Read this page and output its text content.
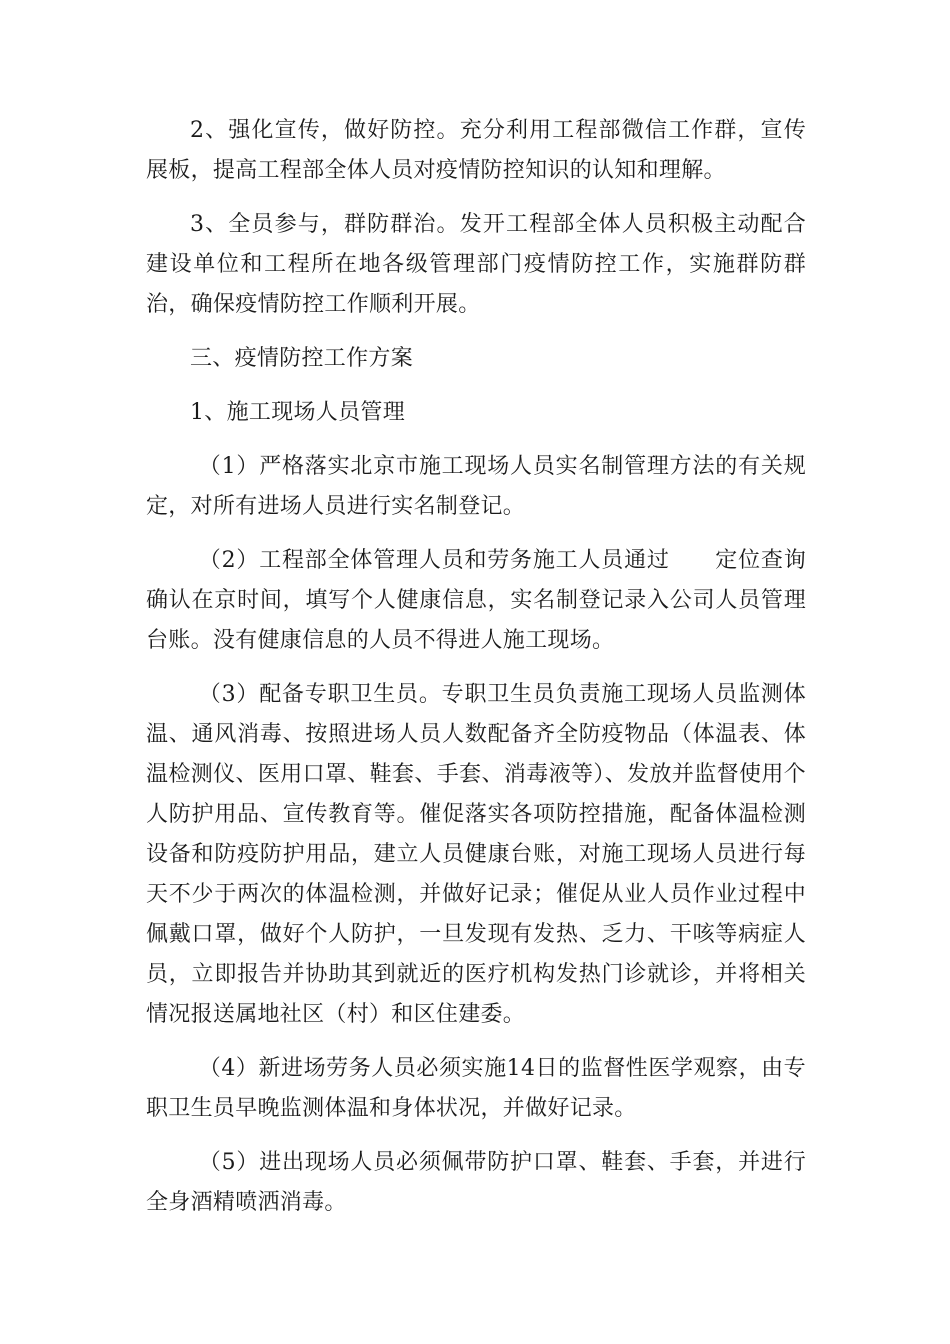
2、强化宣传，做好防控。充分利用工程部微信工作群，宣传展板，提高工程部全体人员对疫情防控知识的认知和理解。

3、全员参与，群防群治。发开工程部全体人员积极主动配合建设单位和工程所在地各级管理部门疫情防控工作，实施群防群治，确保疫情防控工作顺利开展。

三、疫情防控工作方案

1、施工现场人员管理

（1）严格落实北京市施工现场人员实名制管理方法的有关规定，对所有进场人员进行实名制登记。

（2）工程部全体管理人员和劳务施工人员通过　　定位查询确认在京时间，填写个人健康信息，实名制登记录入公司人员管理台账。没有健康信息的人员不得进人施工现场。

（3）配备专职卫生员。专职卫生员负责施工现场人员监测体温、通风消毒、按照进场人员人数配备齐全防疫物品（体温表、体温检测仪、医用口罩、鞋套、手套、消毒液等）、发放并监督使用个人防护用品、宣传教育等。催促落实各项防控措施，配备体温检测设备和防疫防护用品，建立人员健康台账，对施工现场人员进行每天不少于两次的体温检测，并做好记录；催促从业人员作业过程中佩戴口罩，做好个人防护，一旦发现有发热、乏力、干咳等病症人员，立即报告并协助其到就近的医疗机构发热门诊就诊，并将相关情况报送属地社区（村）和区住建委。

（4）新进场劳务人员必须实施14日的监督性医学观察，由专职卫生员早晚监测体温和身体状况，并做好记录。

（5）进出现场人员必须佩带防护口罩、鞋套、手套，并进行全身酒精喷洒消毒。
